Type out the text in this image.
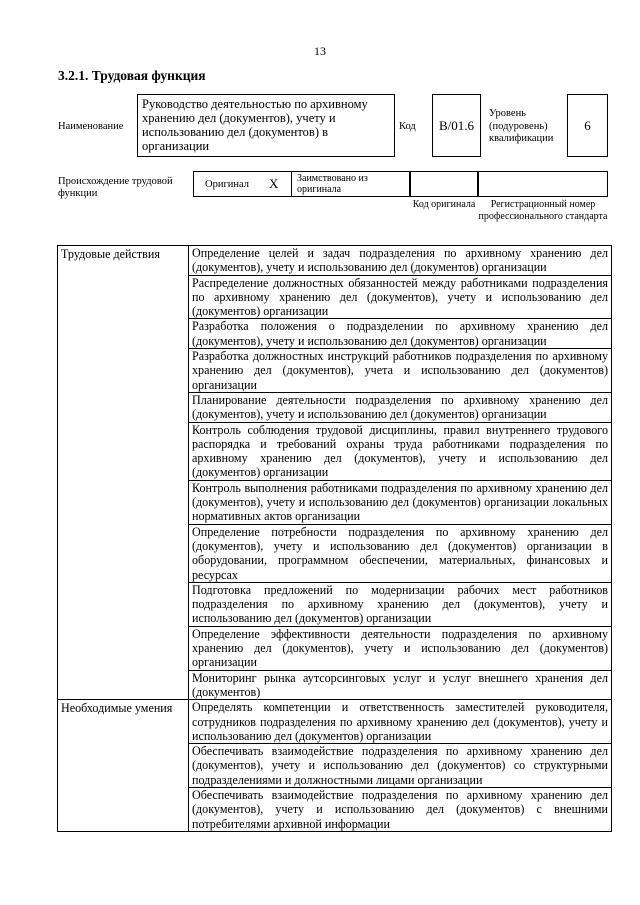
13
3.2.1. Трудовая функция
Наименование
Руководство деятельностью по архивному хранению дел (документов), учету и использованию дел (документов) в организации
Код	B/01.6
Уровень (подуровень) квалификации
6
Происхождение трудовой функции
Оригинал X	Заимствовано из оригинала
Код оригинала	Регистрационный номер профессионального стандарта
Трудовые действия	Определение целей и задач подразделения по архивному хранению дел (документов), учету и использованию дел (документов) организации
	Распределение должностных обязанностей между работниками подразделения по архивному хранению дел (документов), учету и использованию дел (документов) организации
	Разработка положения о подразделении по архивному хранению дел (документов), учету и использованию дел (документов) организации
	Разработка должностных инструкций работников подразделения по архивному хранению дел (документов), учета и использованию дел (документов) организации
	Планирование деятельности подразделения по архивному хранению дел (документов), учету и использованию дел (документов) организации
	Контроль соблюдения трудовой дисциплины, правил внутреннего трудового распорядка и требований охраны труда работниками подразделения по архивному хранению дел (документов), учету и использованию дел (документов) организации
	Контроль выполнения работниками подразделения по архивному хранению дел (документов), учету и использованию дел (документов) организации локальных нормативных актов организации
	Определение потребности подразделения по архивному хранению дел (документов), учету и использованию дел (документов) организации в оборудовании, программном обеспечении, материальных, финансовых и ресурсах
	Подготовка предложений по модернизации рабочих мест работников подразделения по архивному хранению дел (документов), учету и использованию дел (документов) организации
	Определение эффективности деятельности подразделения по архивному хранению дел (документов), учету и использованию дел (документов) организации
	Мониторинг рынка аутсорсинговых услуг и услуг внешнего хранения дел (документов)
Необходимые умения	Определять компетенции и ответственность заместителей руководителя, сотрудников подразделения по архивному хранению дел (документов), учету и использованию дел (документов) организации
	Обеспечивать взаимодействие подразделения по архивному хранению дел (документов), учету и использованию дел (документов) со структурными подразделениями и должностными лицами организации
	Обеспечивать взаимодействие подразделения по архивному хранению дел (документов), учету и использованию дел (документов) с внешними потребителями архивной информации
